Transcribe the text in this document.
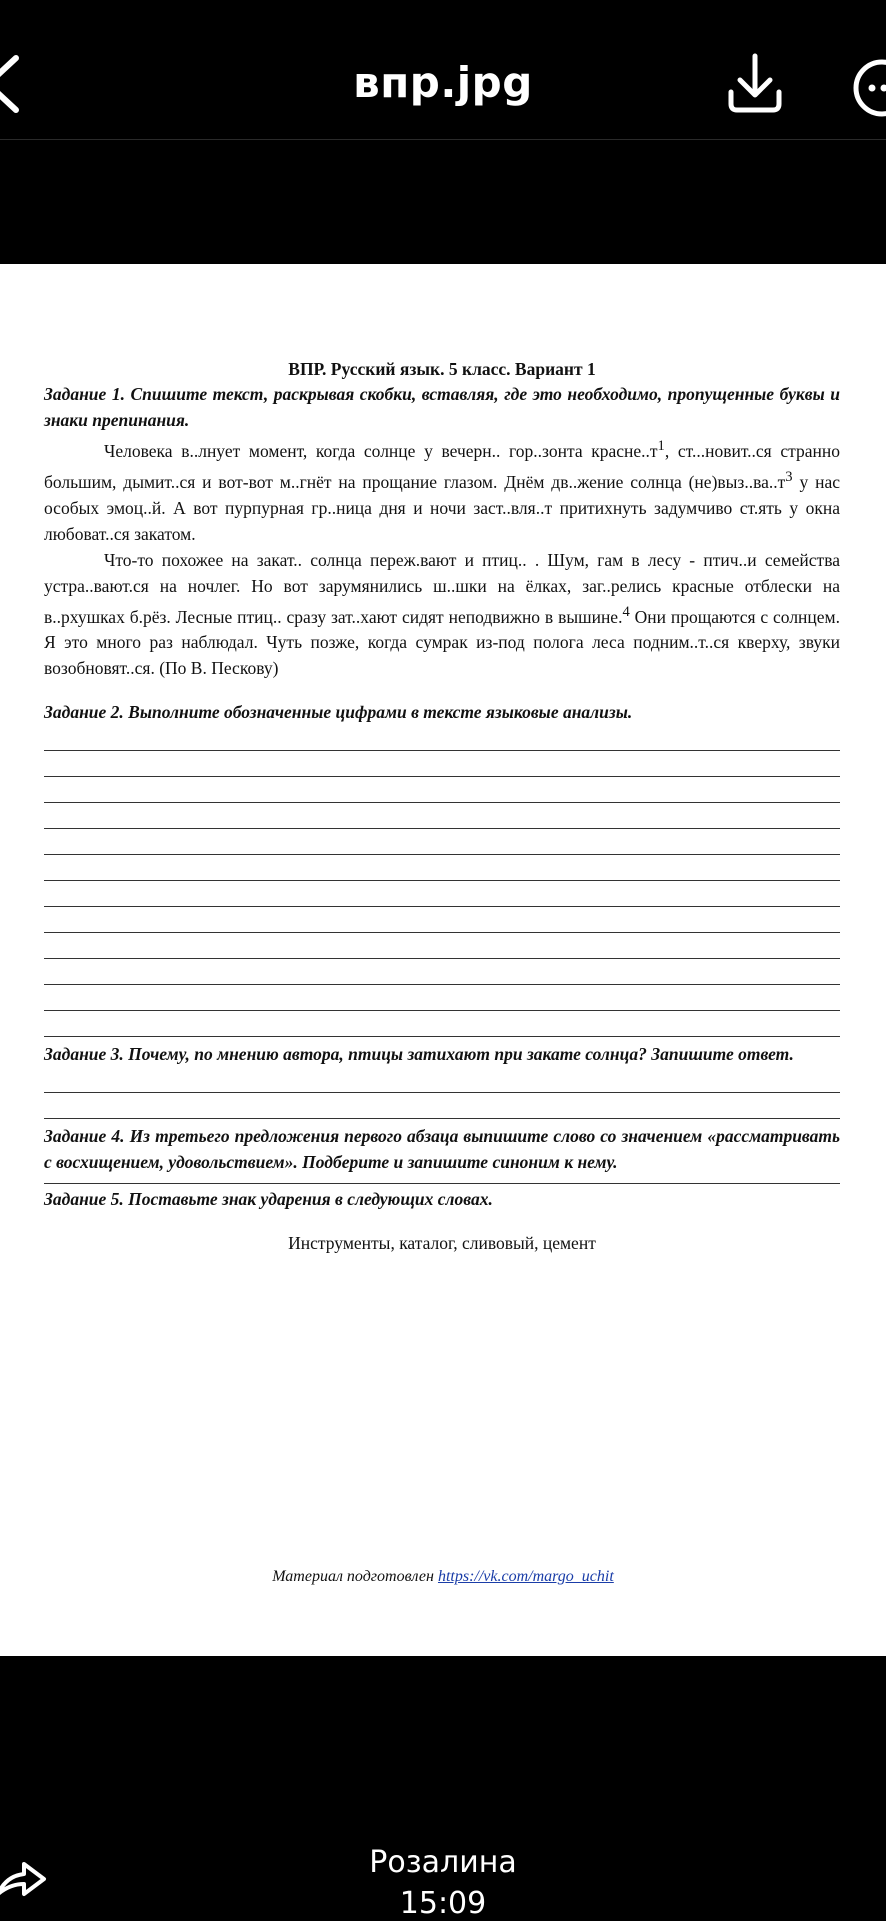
впр.jpg

ВПР. Русский язык. 5 класс. Вариант 1

Задание 1. Спишите текст, раскрывая скобки, вставляя, где это необходимо, пропущенные буквы и знаки препинания.

Человека в..лнует момент, когда солнце у вечерн.. гор..зонта $красне..т^1$, ст...новит..ся странно большим, дымит..ся и вот-вот м..гнёт на прощание глазом. Днём дв..жение солнца $(не)выз..ва..т^3$ у нас особых эмоц..й. А вот пурпурная гр..ница дня и ночи заст..вля..т притихнуть задумчиво ст.ять у окна любоват..ся закатом.

Что-то похожее на закат.. солнца переж.вают и птиц.. . Шум, гам в лесу - птич..и семейства устра..вают.ся на ночлег. Но вот зарумянились ш..шки на ёлках, заг..релись красные отблески на в..рхушках б.рёз. Лесные птиц.. сразу зат..хают сидят неподвижно в вышине.$^4$ Они прощаются с солнцем. Я это много раз наблюдал. Чуть позже, когда сумрак из-под полога леса подним..т..ся кверху, звуки возобновят..ся. (По В. Пескову)

Задание 2. Выполните обозначенные цифрами в тексте языковые анализы.

Задание 3. Почему, по мнению автора, птицы затихают при закате солнца? Запишите ответ.

Задание 4. Из третьего предложения первого абзаца выпишите слово со значением «рассматривать с восхищением, удовольствием». Подберите и запишите синоним к нему.

Задание 5. Поставьте знак ударения в следующих словах.

Инструменты, каталог, сливовый, цемент

Материал подготовлен https://vk.com/margo_uchit
Розалина
15:09
